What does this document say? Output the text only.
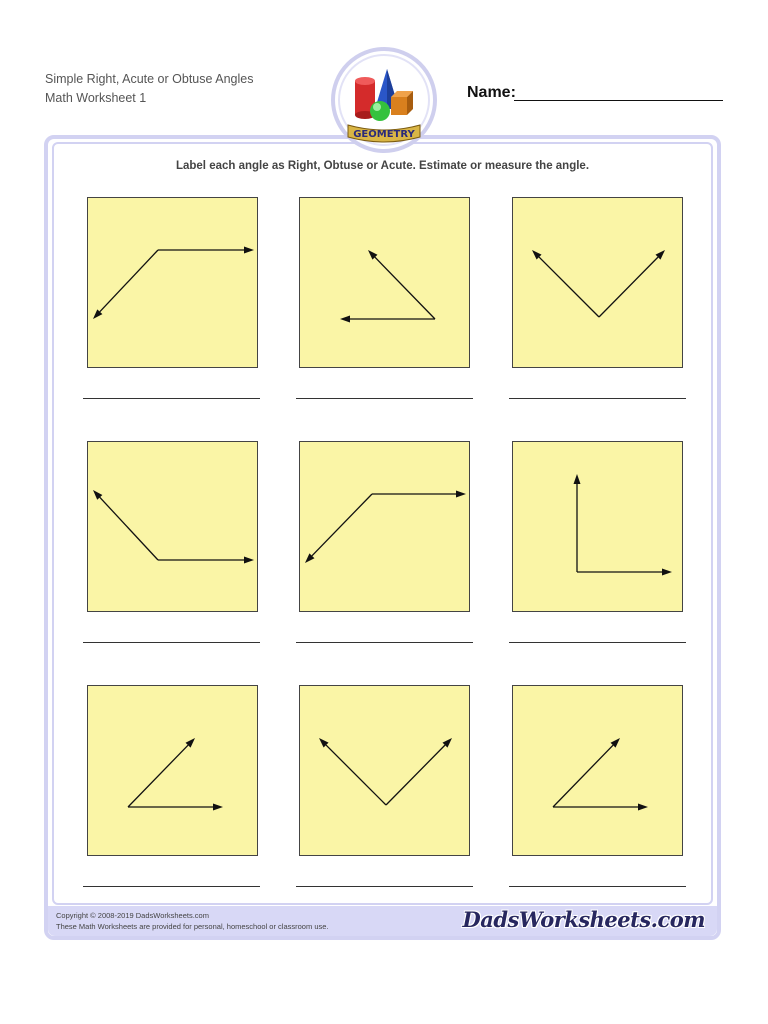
Simple Right, Acute or Obtuse Angles
Math Worksheet 1
GEOMETRY
Name:
Label each angle as Right, Obtuse or Acute. Estimate or measure the angle.
Copyright © 2008-2019 DadsWorksheets.com
These Math Worksheets are provided for personal, homeschool or classroom use.	DadsWorksheets.com
